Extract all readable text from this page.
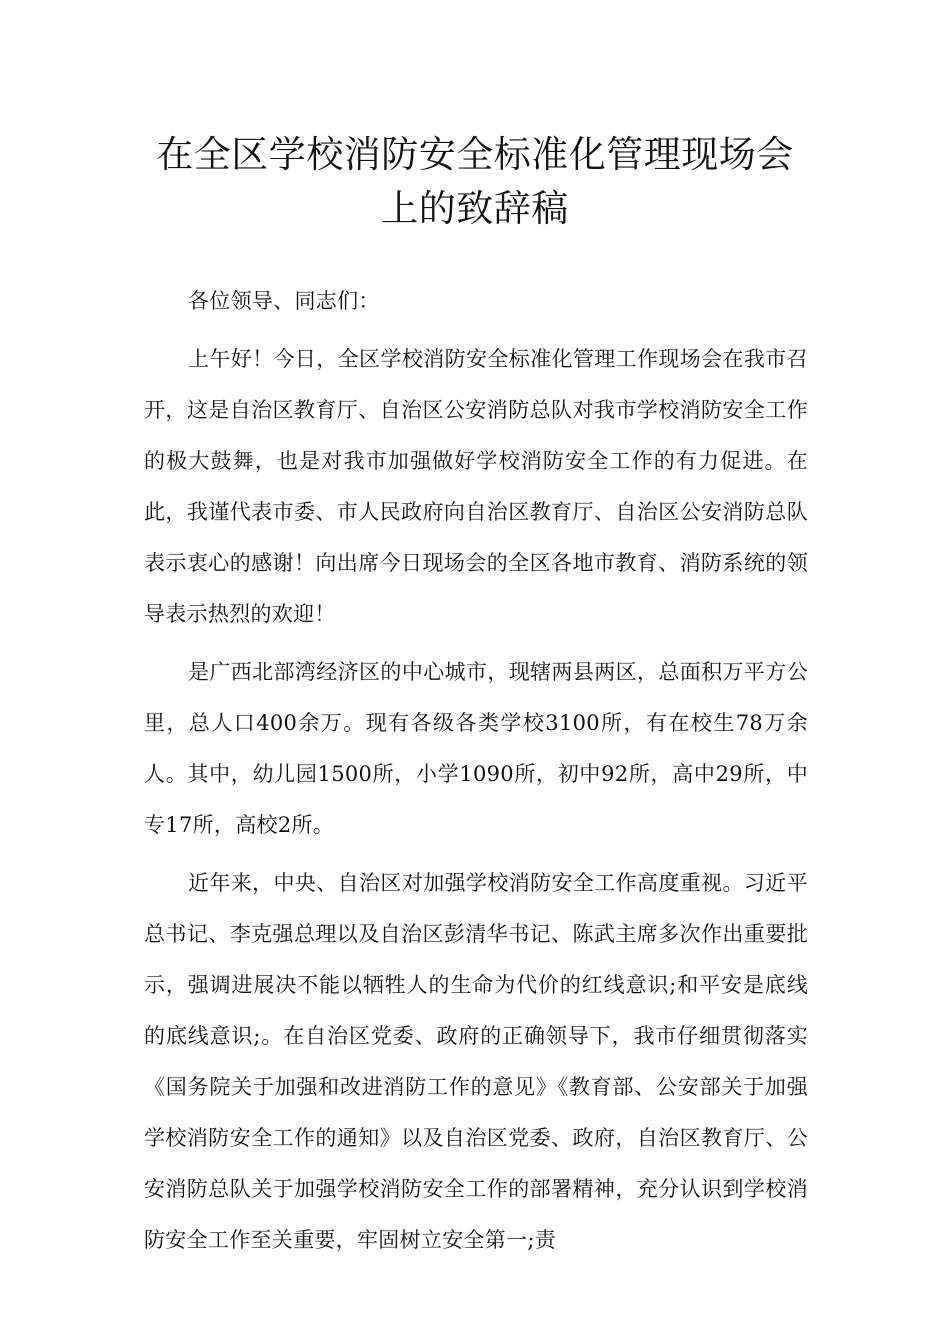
在全区学校消防安全标准化管理现场会
上的致辞稿

各位领导、同志们：

上午好！今日，全区学校消防安全标准化管理工作现场会在我市召开，这是自治区教育厅、自治区公安消防总队对我市学校消防安全工作的极大鼓舞，也是对我市加强做好学校消防安全工作的有力促进。在此，我谨代表市委、市人民政府向自治区教育厅、自治区公安消防总队表示衷心的感谢！向出席今日现场会的全区各地市教育、消防系统的领导表示热烈的欢迎！

是广西北部湾经济区的中心城市，现辖两县两区，总面积万平方公里，总人口400余万。现有各级各类学校3100所，有在校生78万余人。其中，幼儿园1500所，小学1090所，初中92所，高中29所，中专17所，高校2所。

近年来，中央、自治区对加强学校消防安全工作高度重视。习近平总书记、李克强总理以及自治区彭清华书记、陈武主席多次作出重要批示，强调进展决不能以牺牲人的生命为代价的红线意识;和平安是底线的底线意识;。在自治区党委、政府的正确领导下，我市仔细贯彻落实《国务院关于加强和改进消防工作的意见》《教育部、公安部关于加强学校消防安全工作的通知》以及自治区党委、政府，自治区教育厅、公安消防总队关于加强学校消防安全工作的部署精神，充分认识到学校消防安全工作至关重要，牢固树立安全第一;责
